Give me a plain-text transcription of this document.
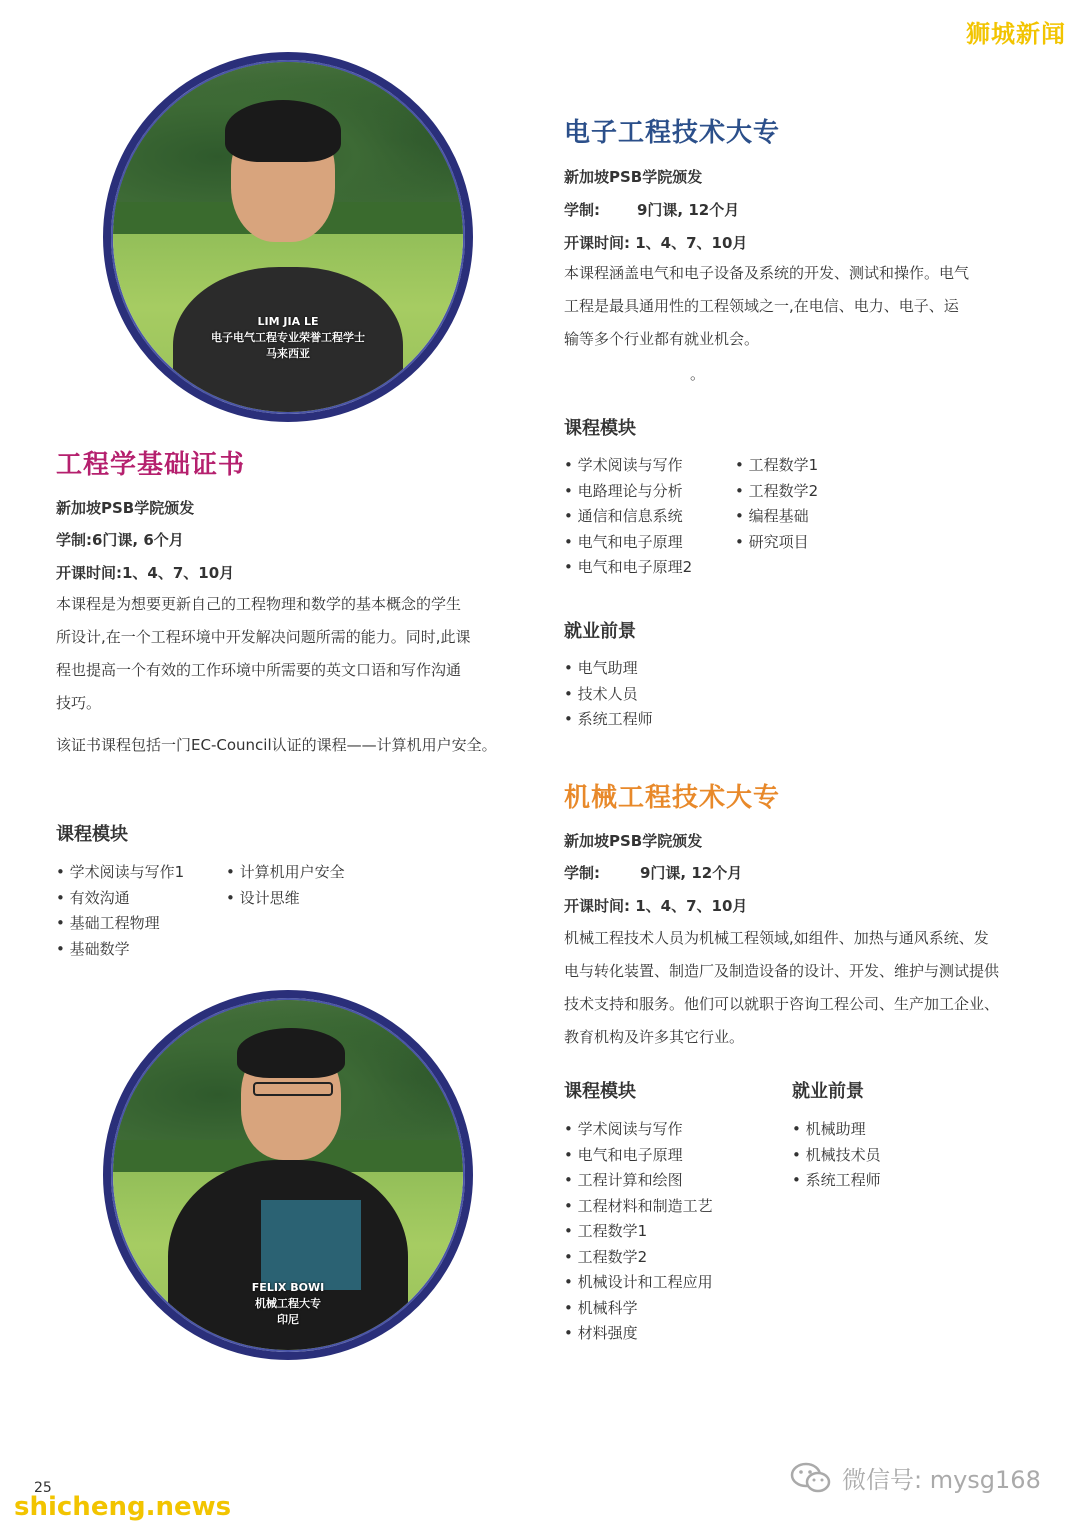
狮城新闻
LIM JIA LE
电子电气工程专业荣誉工程学士
马来西亚
FELIX BOWI
机械工程大专
印尼
工程学基础证书
新加坡PSB学院颁发
学制:6门课, 6个月
开课时间:1、4、7、10月
本课程是为想要更新自己的工程物理和数学的基本概念的学生
所设计,在一个工程环境中开发解决问题所需的能力。同时,此课
程也提高一个有效的工作环境中所需要的英文口语和写作沟通
技巧。
该证书课程包括一门EC-Council认证的课程——计算机用户安全。
课程模块
• 学术阅读与写作1
• 有效沟通
• 基础工程物理
• 基础数学
• 计算机用户安全
• 设计思维
电子工程技术大专
新加坡PSB学院颁发
学制: 9门课, 12个月
开课时间: 1、4、7、10月
本课程涵盖电气和电子设备及系统的开发、测试和操作。电气
工程是最具通用性的工程领域之一,在电信、电力、电子、运
输等多个行业都有就业机会。
。
课程模块
• 学术阅读与写作
• 电路理论与分析
• 通信和信息系统
• 电气和电子原理
• 电气和电子原理2
• 工程数学1
• 工程数学2
• 编程基础
• 研究项目
就业前景
• 电气助理
• 技术人员
• 系统工程师
机械工程技术大专
新加坡PSB学院颁发
学制:	9门课, 12个月
开课时间: 1、4、7、10月
机械工程技术人员为机械工程领域,如组件、加热与通风系统、发
电与转化装置、制造厂及制造设备的设计、开发、维护与测试提供
技术支持和服务。他们可以就职于咨询工程公司、生产加工企业、
教育机构及许多其它行业。
课程模块
• 学术阅读与写作
• 电气和电子原理
• 工程计算和绘图
• 工程材料和制造工艺
• 工程数学1
• 工程数学2
• 机械设计和工程应用
• 机械科学
• 材料强度
就业前景
• 机械助理
• 机械技术员
• 系统工程师
25
shicheng.news
微信号: mysg168
